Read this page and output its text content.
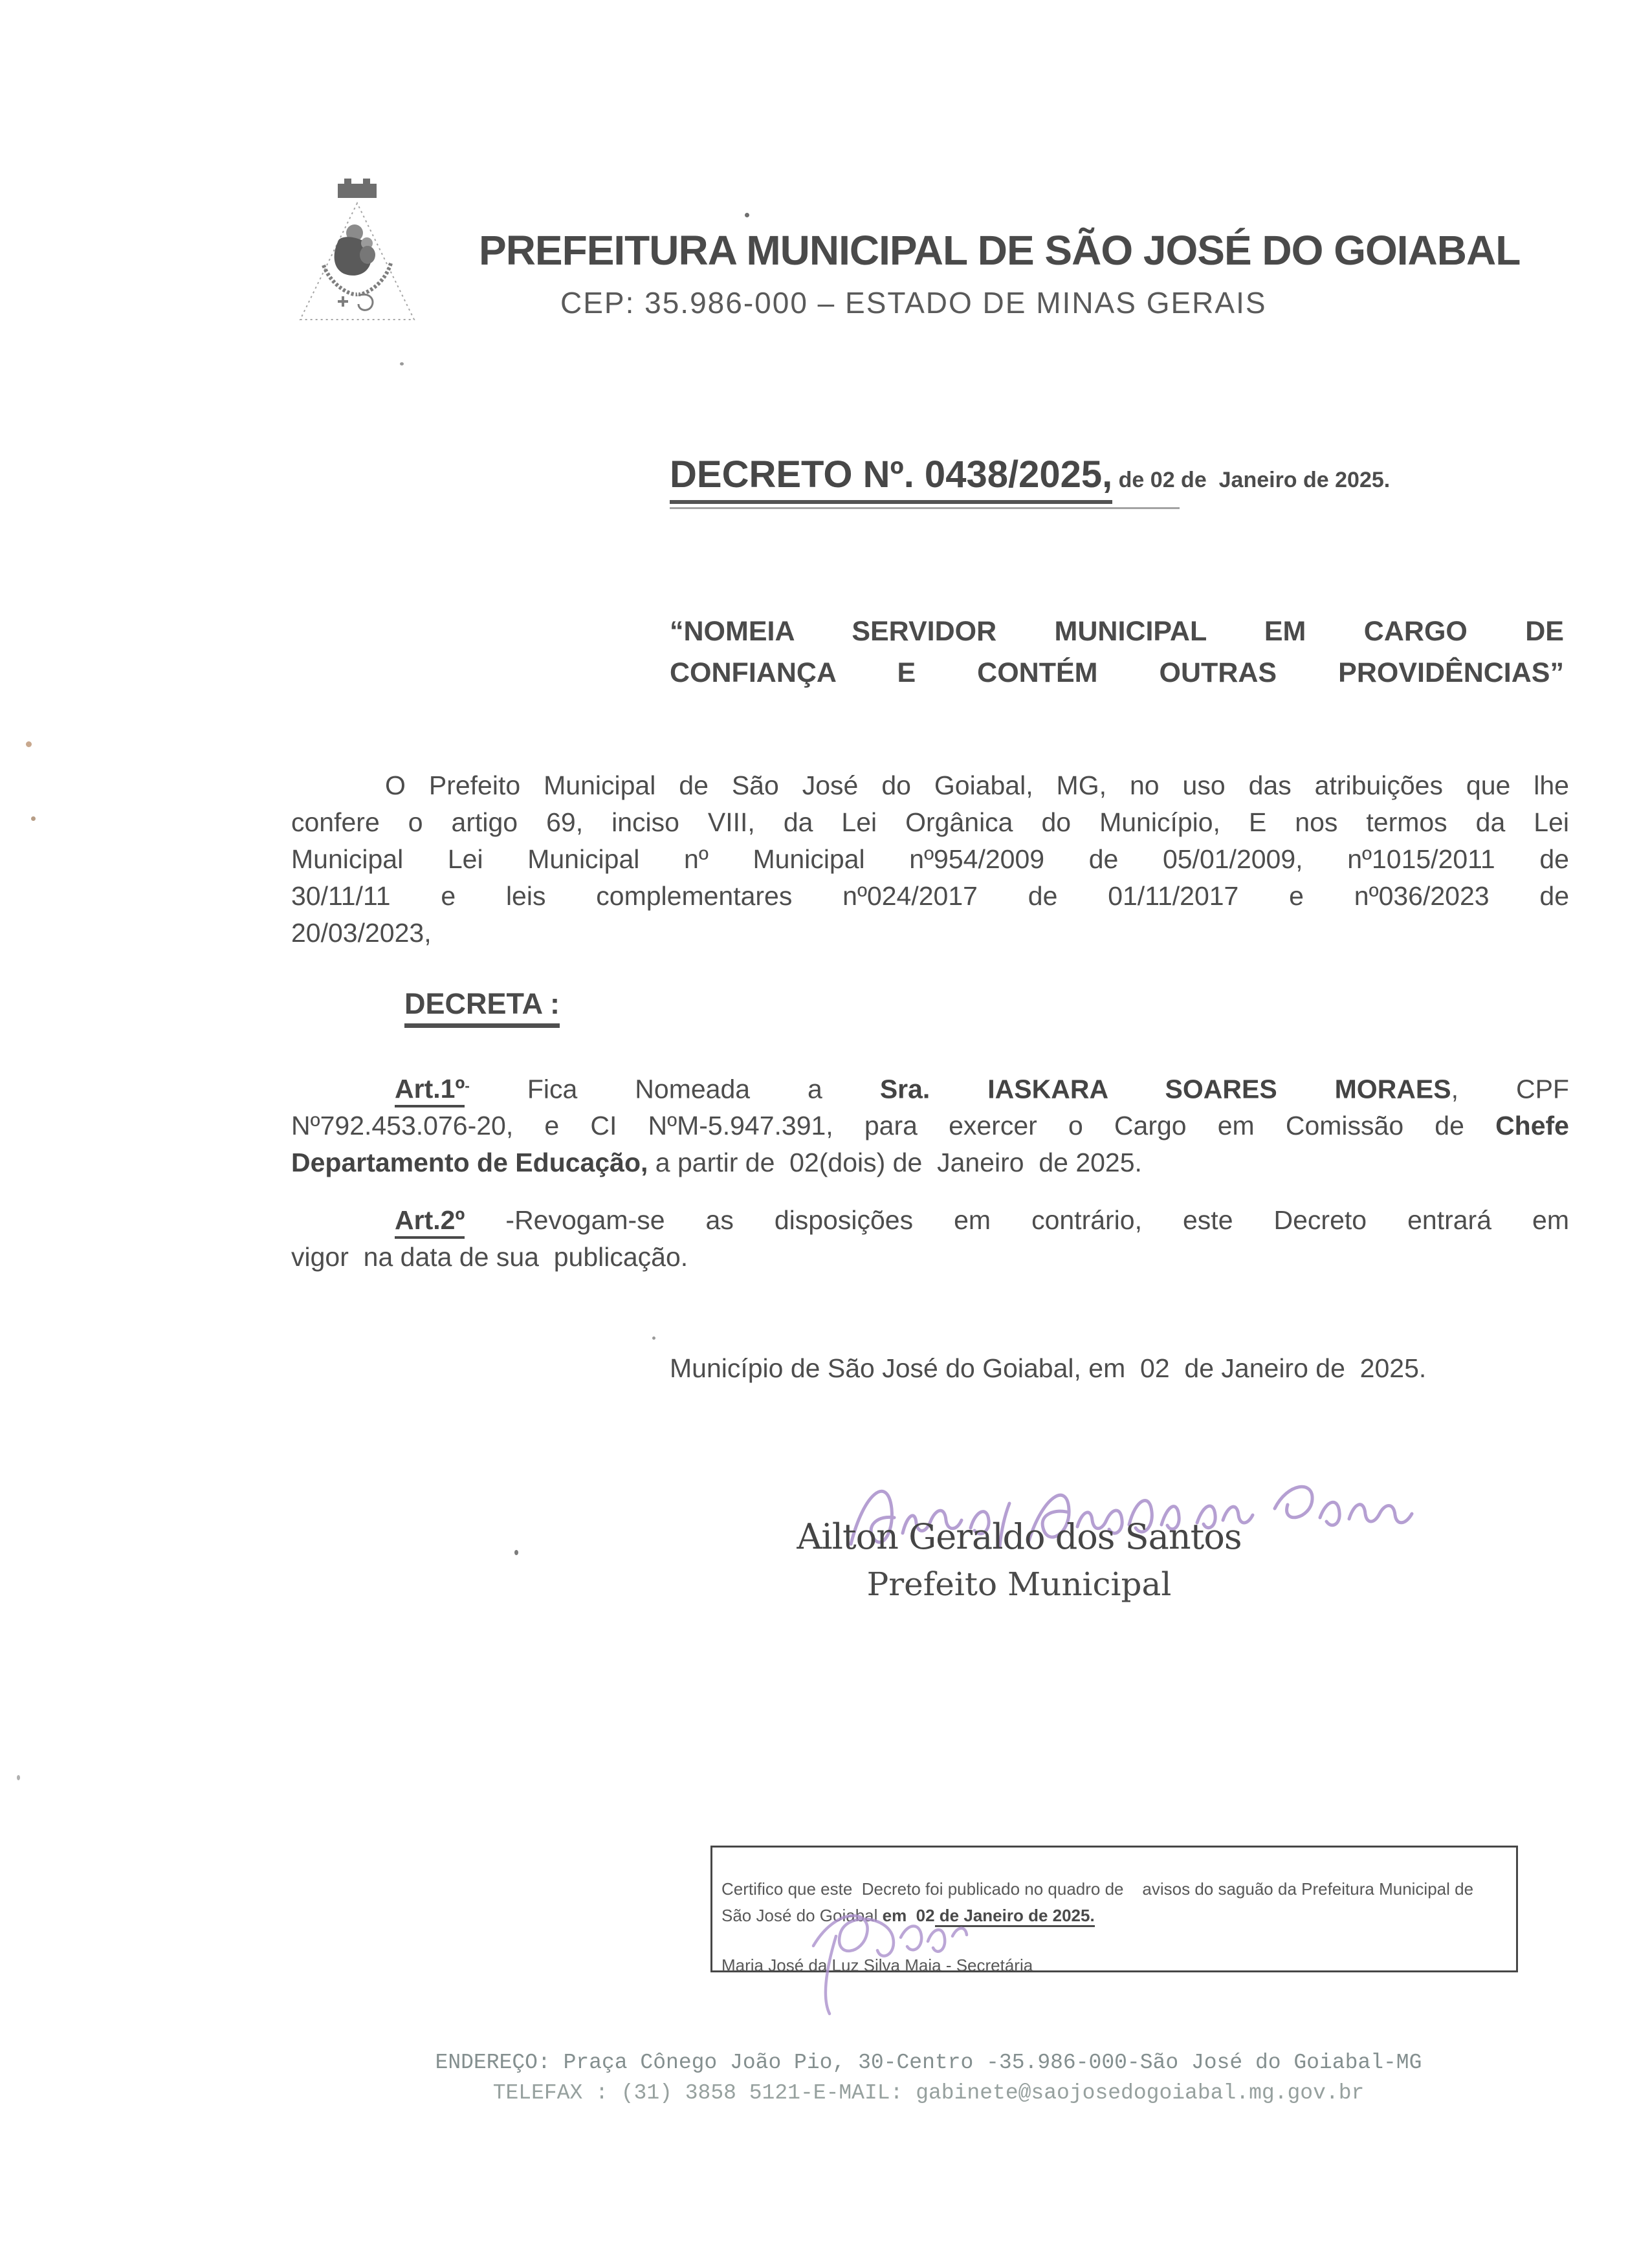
PREFEITURA MUNICIPAL DE SÃO JOSÉ DO GOIABAL
CEP: 35.986-000 – ESTADO DE MINAS GERAIS
DECRETO Nº. 0438/2025, de 02 de  Janeiro de 2025.
“NOMEIA SERVIDOR MUNICIPAL EM CARGO DE
CONFIANÇA E CONTÉM OUTRAS PROVIDÊNCIAS”
O Prefeito Municipal de São José do Goiabal, MG, no uso das atribuições que lhe
confere o artigo 69, inciso VIII, da Lei Orgânica do Município, E nos termos da Lei
Municipal Lei Municipal nº Municipal nº954/2009 de 05/01/2009, nº1015/2011 de
30/11/11 e leis complementares nº024/2017 de 01/11/2017 e nº036/2023 de
20/03/2023,
DECRETA :
Art.1º- Fica Nomeada a Sra. IASKARA SOARES MORAES, CPF
Nº792.453.076-20, e CI NºM-5.947.391, para exercer o Cargo em Comissão de Chefe
Departamento de Educação, a partir de  02(dois) de  Janeiro  de 2025.
Art.2º -Revogam-se as disposições em contrário, este Decreto entrará em
vigor  na data de sua  publicação.
Município de São José do Goiabal, em  02  de Janeiro de  2025.
Ailton Geraldo dos Santos
Prefeito Municipal
Certifico que este  Decreto foi publicado no quadro de    avisos do saguão da Prefeitura Municipal de
São José do Goiabal em  02 de Janeiro de 2025.
Maria José da Luz Silva Maia - Secretária
ENDEREÇO: Praça Cônego João Pio, 30-Centro -35.986-000-São José do Goiabal-MG
TELEFAX : (31) 3858 5121-E-MAIL: gabinete@saojosedogoiabal.mg.gov.br
